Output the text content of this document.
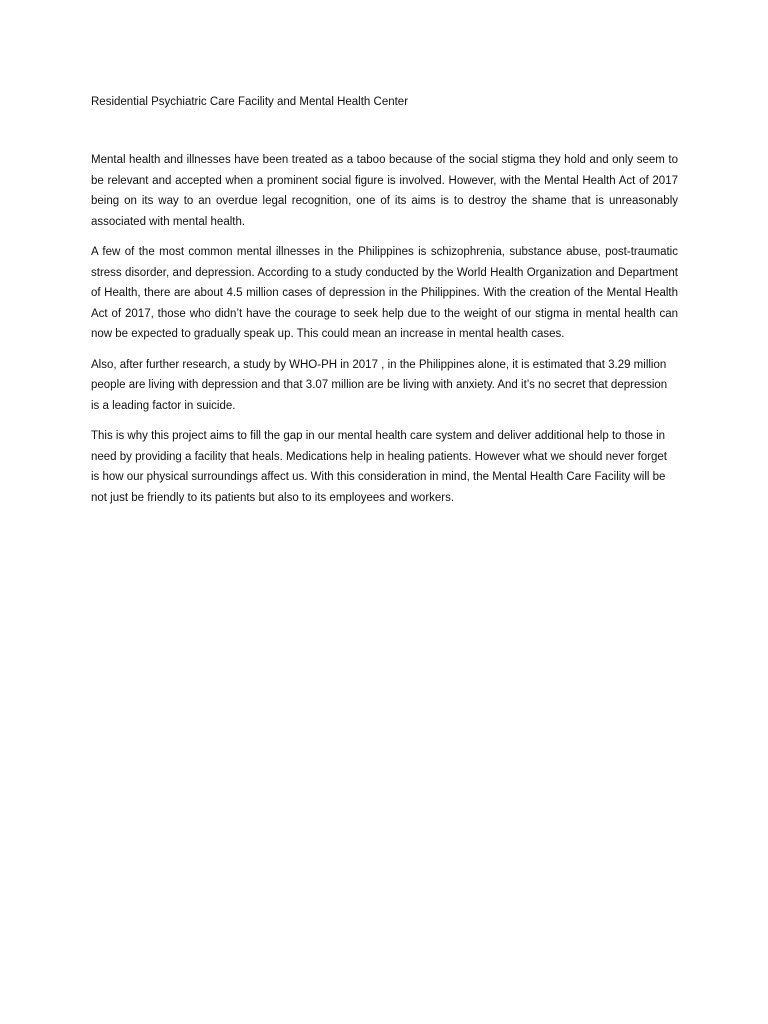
Residential Psychiatric Care Facility and Mental Health Center

Mental health and illnesses have been treated as a taboo because of the social stigma they hold and only seem to be relevant and accepted when a prominent social figure is involved. However, with the Mental Health Act of 2017 being on its way to an overdue legal recognition, one of its aims is to destroy the shame that is unreasonably associated with mental health.

A few of the most common mental illnesses in the Philippines is schizophrenia, substance abuse, post-traumatic stress disorder, and depression. According to a study conducted by the World Health Organization and Department of Health, there are about 4.5 million cases of depression in the Philippines. With the creation of the Mental Health Act of 2017, those who didn’t have the courage to seek help due to the weight of our stigma in mental health can now be expected to gradually speak up. This could mean an increase in mental health cases.

Also, after further research, a study by WHO-PH in 2017 , in the Philippines alone, it is estimated that 3.29 million people are living with depression and that 3.07 million are be living with anxiety. And it’s no secret that depression is a leading factor in suicide.

This is why this project aims to fill the gap in our mental health care system and deliver additional help to those in need by providing a facility that heals. Medications help in healing patients. However what we should never forget is how our physical surroundings affect us. With this consideration in mind, the Mental Health Care Facility will be not just be friendly to its patients but also to its employees and workers.
